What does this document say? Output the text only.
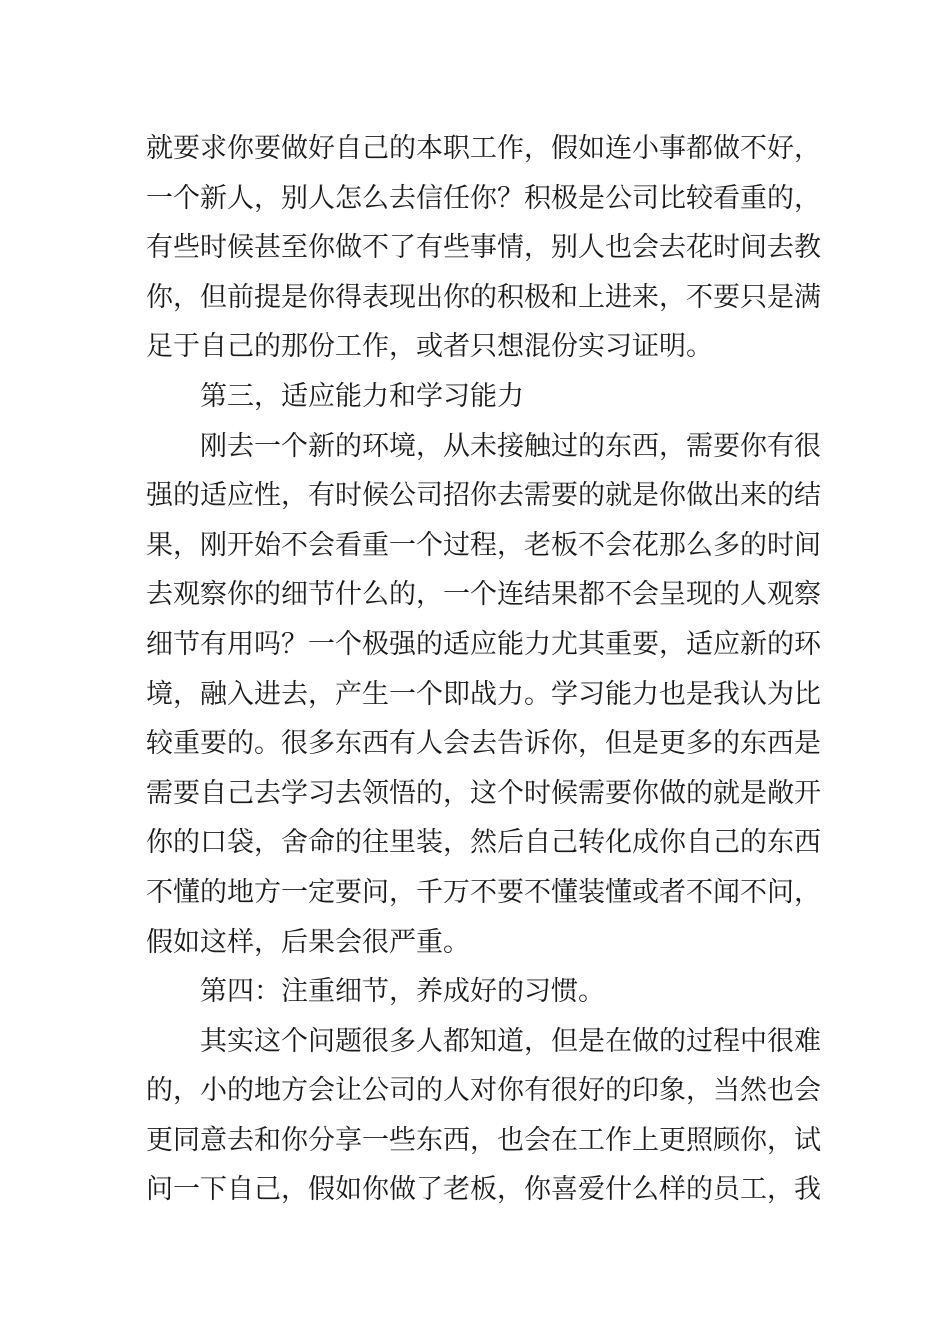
就要求你要做好自己的本职工作，假如连小事都做不好，
一个新人，别人怎么去信任你？积极是公司比较看重的，
有些时候甚至你做不了有些事情，别人也会去花时间去教
你，但前提是你得表现出你的积极和上进来，不要只是满
足于自己的那份工作，或者只想混份实习证明。
第三，适应能力和学习能力
刚去一个新的环境，从未接触过的东西，需要你有很
强的适应性，有时候公司招你去需要的就是你做出来的结
果，刚开始不会看重一个过程，老板不会花那么多的时间
去观察你的细节什么的，一个连结果都不会呈现的人观察
细节有用吗？一个极强的适应能力尤其重要，适应新的环
境，融入进去，产生一个即战力。学习能力也是我认为比
较重要的。很多东西有人会去告诉你，但是更多的东西是
需要自己去学习去领悟的，这个时候需要你做的就是敞开
你的口袋，舍命的往里装，然后自己转化成你自己的东西
不懂的地方一定要问，千万不要不懂装懂或者不闻不问，
假如这样，后果会很严重。
第四：注重细节，养成好的习惯。
其实这个问题很多人都知道，但是在做的过程中很难
的，小的地方会让公司的人对你有很好的印象，当然也会
更同意去和你分享一些东西，也会在工作上更照顾你，试
问一下自己，假如你做了老板，你喜爱什么样的员工，我
